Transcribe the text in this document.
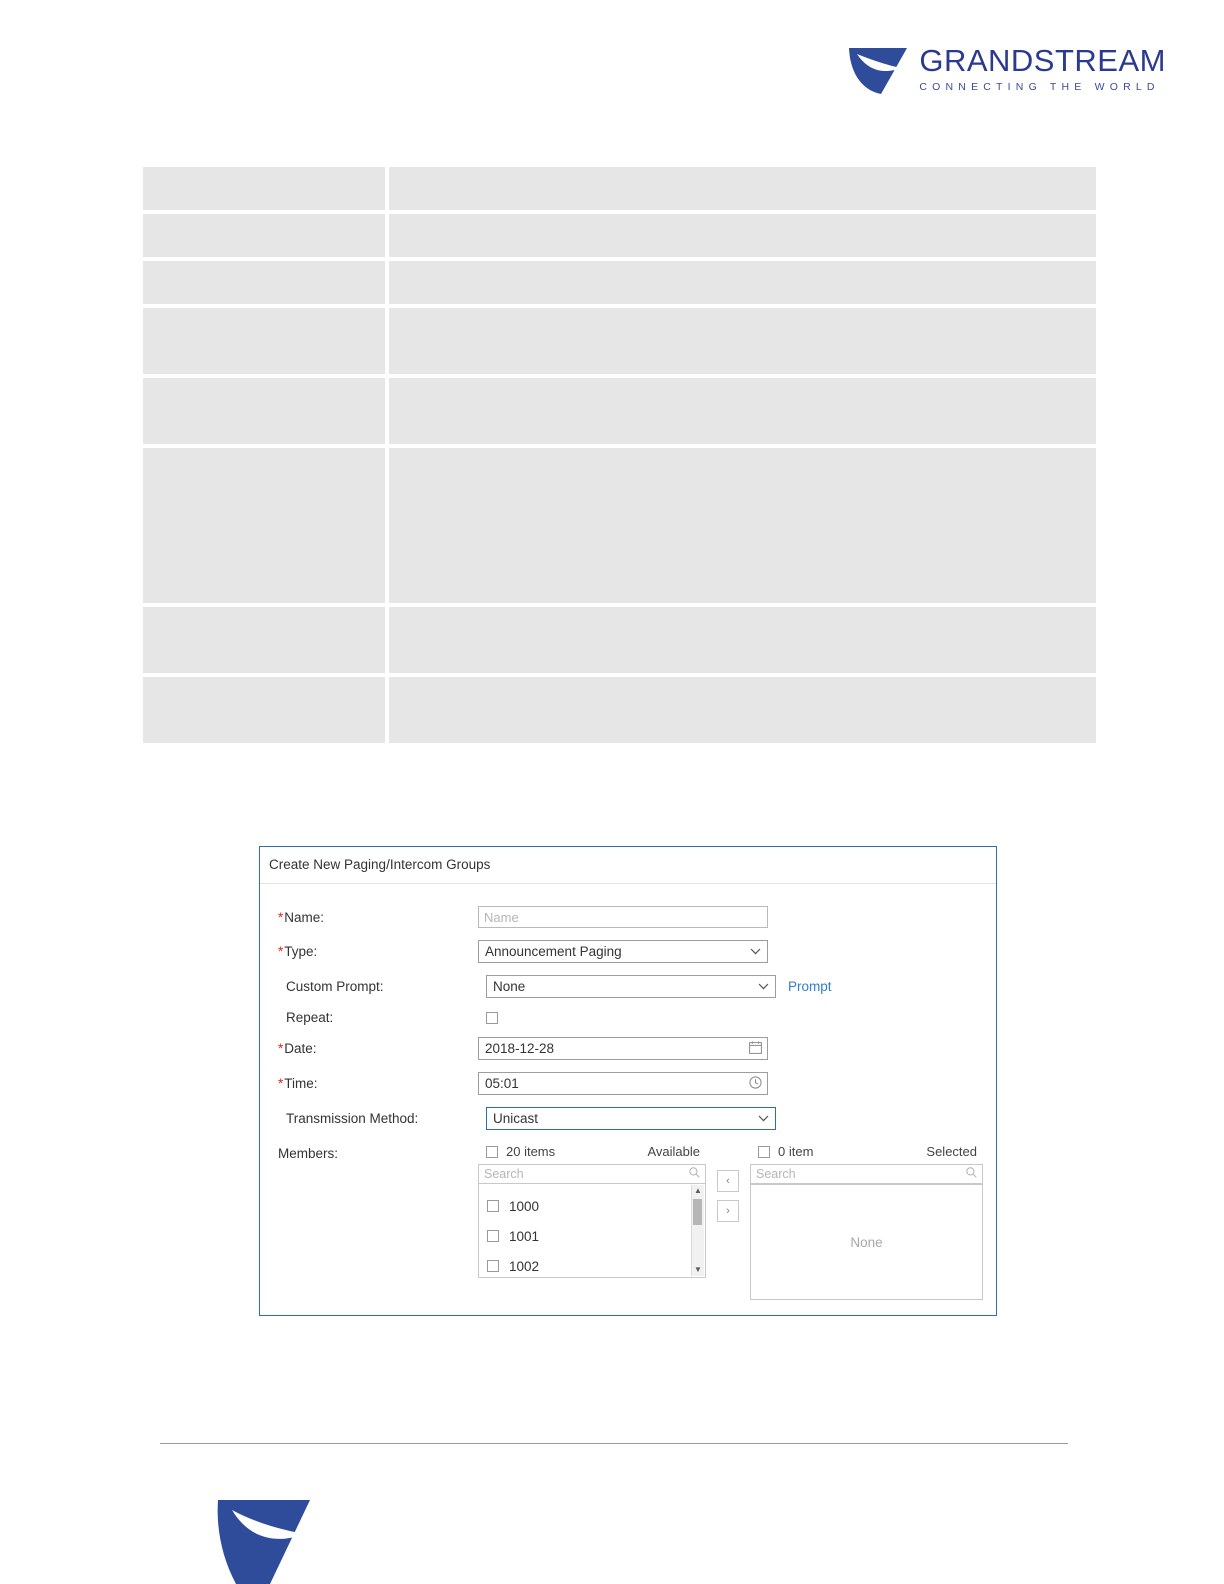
GRANDSTREAM
CONNECTING THE WORLD

Create New Paging/Intercom Groups
* Name:
Name
* Type:	Announcement Paging
Custom Prompt:	None	Prompt
Repeat:
* Date:	2018-12-28
* Time:	05:01
Transmission Method:	Unicast
Members:	20 items	Available
Search
1000
1001
1002
▲
▼
‹
›
0 item	Selected
Search
None
